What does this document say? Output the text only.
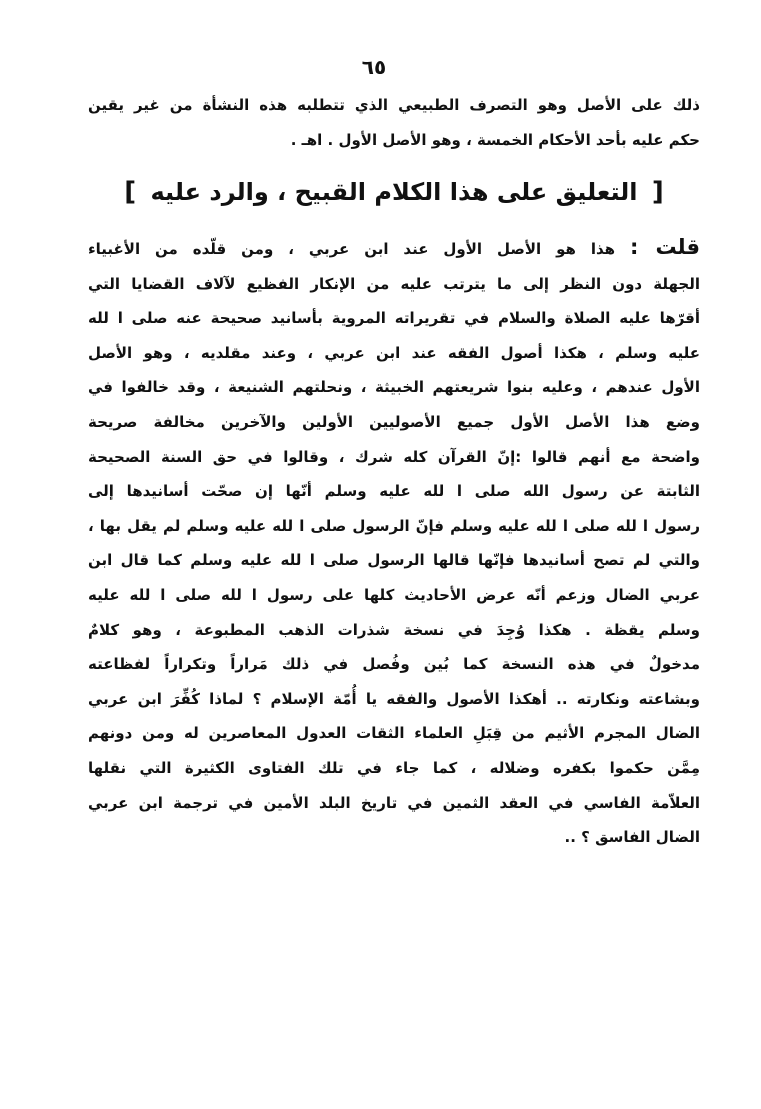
٦٥
ذلك على الأصل وهو التصرف الطبيعي الذي تتطلبه هذه النشأة من غير يقين
حكم عليه بأحد الأحكام الخمسة ، وهو الأصل الأول . اهـ .
[ التعليق على هذا الكلام القبيح ، والرد عليه ]
قلت : هذا هو الأصل الأول عند ابن عربي ، ومن قلّده من الأغبياء
الجهلة دون النظر إلى ما يترتب عليه من الإنكار الفظيع لآلاف القضايا التي
أقرّها عليه الصلاة والسلام في تقريراته المروية بأسانيد صحيحة عنه صلى ا لله
عليه وسلم ، هكذا أصول الفقه عند ابن عربي ، وعند مقلديه ، وهو الأصل
الأول عندهم ، وعليه بنوا شريعتهم الخبيثة ، ونحلتهم الشنيعة ، وقد خالفوا في
وضع هذا الأصل الأول جميع الأصوليين الأولين والآخرين مخالفة صريحة
واضحة مع أنهم قالوا :إنّ القرآن كله شرك ، وقالوا في حق السنة الصحيحة
الثابتة عن رسول الله صلى ا لله عليه وسلم أنّها إن صحّت أسانيدها إلى
رسول ا لله صلى ا لله عليه وسلم فإنّ الرسول صلى ا لله عليه وسلم لم يقل بها ،
والتي لم تصح أسانيدها فإنّها قالها الرسول صلى ا لله عليه وسلم كما قال ابن
عربي الضال وزعم أنّه عرض الأحاديث كلها على رسول ا لله صلى ا لله عليه
وسلم يقظة . هكذا وُجِدَ في نسخة شذرات الذهب المطبوعة ، وهو كلامٌ
مدخولٌ في هذه النسخة كما بُين وفُصل في ذلك مَراراً وتكراراً لفظاعته
وبشاعته ونكارته .. أهكذا الأصول والفقه يا أُمّة الإسلام ؟ لماذا كُفِّرَ ابن عربي
الضال المجرم الأثيم من قِبَلِ العلماء الثقات العدول المعاصرين له ومن دونهم
مِمَّن حكموا بكفره وضلاله ، كما جاء في تلك الفتاوى الكثيرة التي نقلها
العلاّمة الفاسي في العقد الثمين في تاريخ البلد الأمين في ترجمة ابن عربي
الضال الفاسق ؟ ..
